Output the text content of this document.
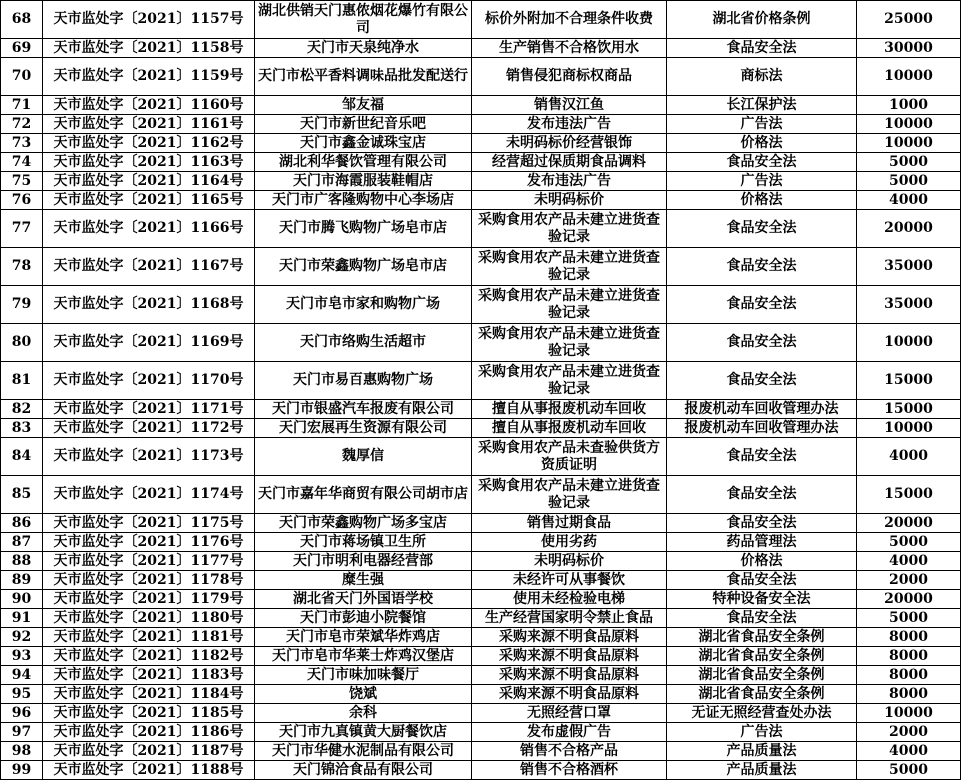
68	天市监处字〔2021〕1157号	湖北供销天门惠侬烟花爆竹有限公司	标价外附加不合理条件收费	湖北省价格条例	25000
69	天市监处字〔2021〕1158号	天门市天泉纯净水	生产销售不合格饮用水	食品安全法	30000
70	天市监处字〔2021〕1159号	天门市松平香料调味品批发配送行	销售侵犯商标权商品	商标法	10000
71	天市监处字〔2021〕1160号	邹友福	销售汉江鱼	长江保护法	1000
72	天市监处字〔2021〕1161号	天门市新世纪音乐吧	发布违法广告	广告法	10000
73	天市监处字〔2021〕1162号	天门市鑫金诚珠宝店	未明码标价经营银饰	价格法	10000
74	天市监处字〔2021〕1163号	湖北利华餐饮管理有限公司	经营超过保质期食品调料	食品安全法	5000
75	天市监处字〔2021〕1164号	天门市海霞服装鞋帽店	发布违法广告	广告法	5000
76	天市监处字〔2021〕1165号	天门市广客隆购物中心李场店	未明码标价	价格法	4000
77	天市监处字〔2021〕1166号	天门市腾飞购物广场皂市店	采购食用农产品未建立进货查验记录	食品安全法	20000
78	天市监处字〔2021〕1167号	天门市荣鑫购物广场皂市店	采购食用农产品未建立进货查验记录	食品安全法	35000
79	天市监处字〔2021〕1168号	天门市皂市家和购物广场	采购食用农产品未建立进货查验记录	食品安全法	35000
80	天市监处字〔2021〕1169号	天门市络购生活超市	采购食用农产品未建立进货查验记录	食品安全法	10000
81	天市监处字〔2021〕1170号	天门市易百惠购物广场	采购食用农产品未建立进货查验记录	食品安全法	15000
82	天市监处字〔2021〕1171号	天门市银盛汽车报废有限公司	擅自从事报废机动车回收	报废机动车回收管理办法	15000
83	天市监处字〔2021〕1172号	天门宏展再生资源有限公司	擅自从事报废机动车回收	报废机动车回收管理办法	10000
84	天市监处字〔2021〕1173号	魏厚信	采购食用农产品未查验供货方资质证明	食品安全法	4000
85	天市监处字〔2021〕1174号	天门市嘉年华商贸有限公司胡市店	采购食用农产品未建立进货查验记录	食品安全法	15000
86	天市监处字〔2021〕1175号	天门市荣鑫购物广场多宝店	销售过期食品	食品安全法	20000
87	天市监处字〔2021〕1176号	天门市蒋场镇卫生所	使用劣药	药品管理法	5000
88	天市监处字〔2021〕1177号	天门市明利电器经营部	未明码标价	价格法	4000
89	天市监处字〔2021〕1178号	糜生强	未经许可从事餐饮	食品安全法	2000
90	天市监处字〔2021〕1179号	湖北省天门外国语学校	使用未经检验电梯	特种设备安全法	20000
91	天市监处字〔2021〕1180号	天门市彭迪小院餐馆	生产经营国家明令禁止食品	食品安全法	5000
92	天市监处字〔2021〕1181号	天门市皂市荣斌华炸鸡店	采购来源不明食品原料	湖北省食品安全条例	8000
93	天市监处字〔2021〕1182号	天门市皂市华莱士炸鸡汉堡店	采购来源不明食品原料	湖北省食品安全条例	8000
94	天市监处字〔2021〕1183号	天门市味加味餐厅	采购来源不明食品原料	湖北省食品安全条例	8000
95	天市监处字〔2021〕1184号	饶斌	采购来源不明食品原料	湖北省食品安全条例	8000
96	天市监处字〔2021〕1185号	余科	无照经营口罩	无证无照经营查处办法	10000
97	天市监处字〔2021〕1186号	天门市九真镇黄大厨餐饮店	发布虚假广告	广告法	2000
98	天市监处字〔2021〕1187号	天门市华健水泥制品有限公司	销售不合格产品	产品质量法	4000
99	天市监处字〔2021〕1188号	天门锦洽食品有限公司	销售不合格酒杯	产品质量法	5000
